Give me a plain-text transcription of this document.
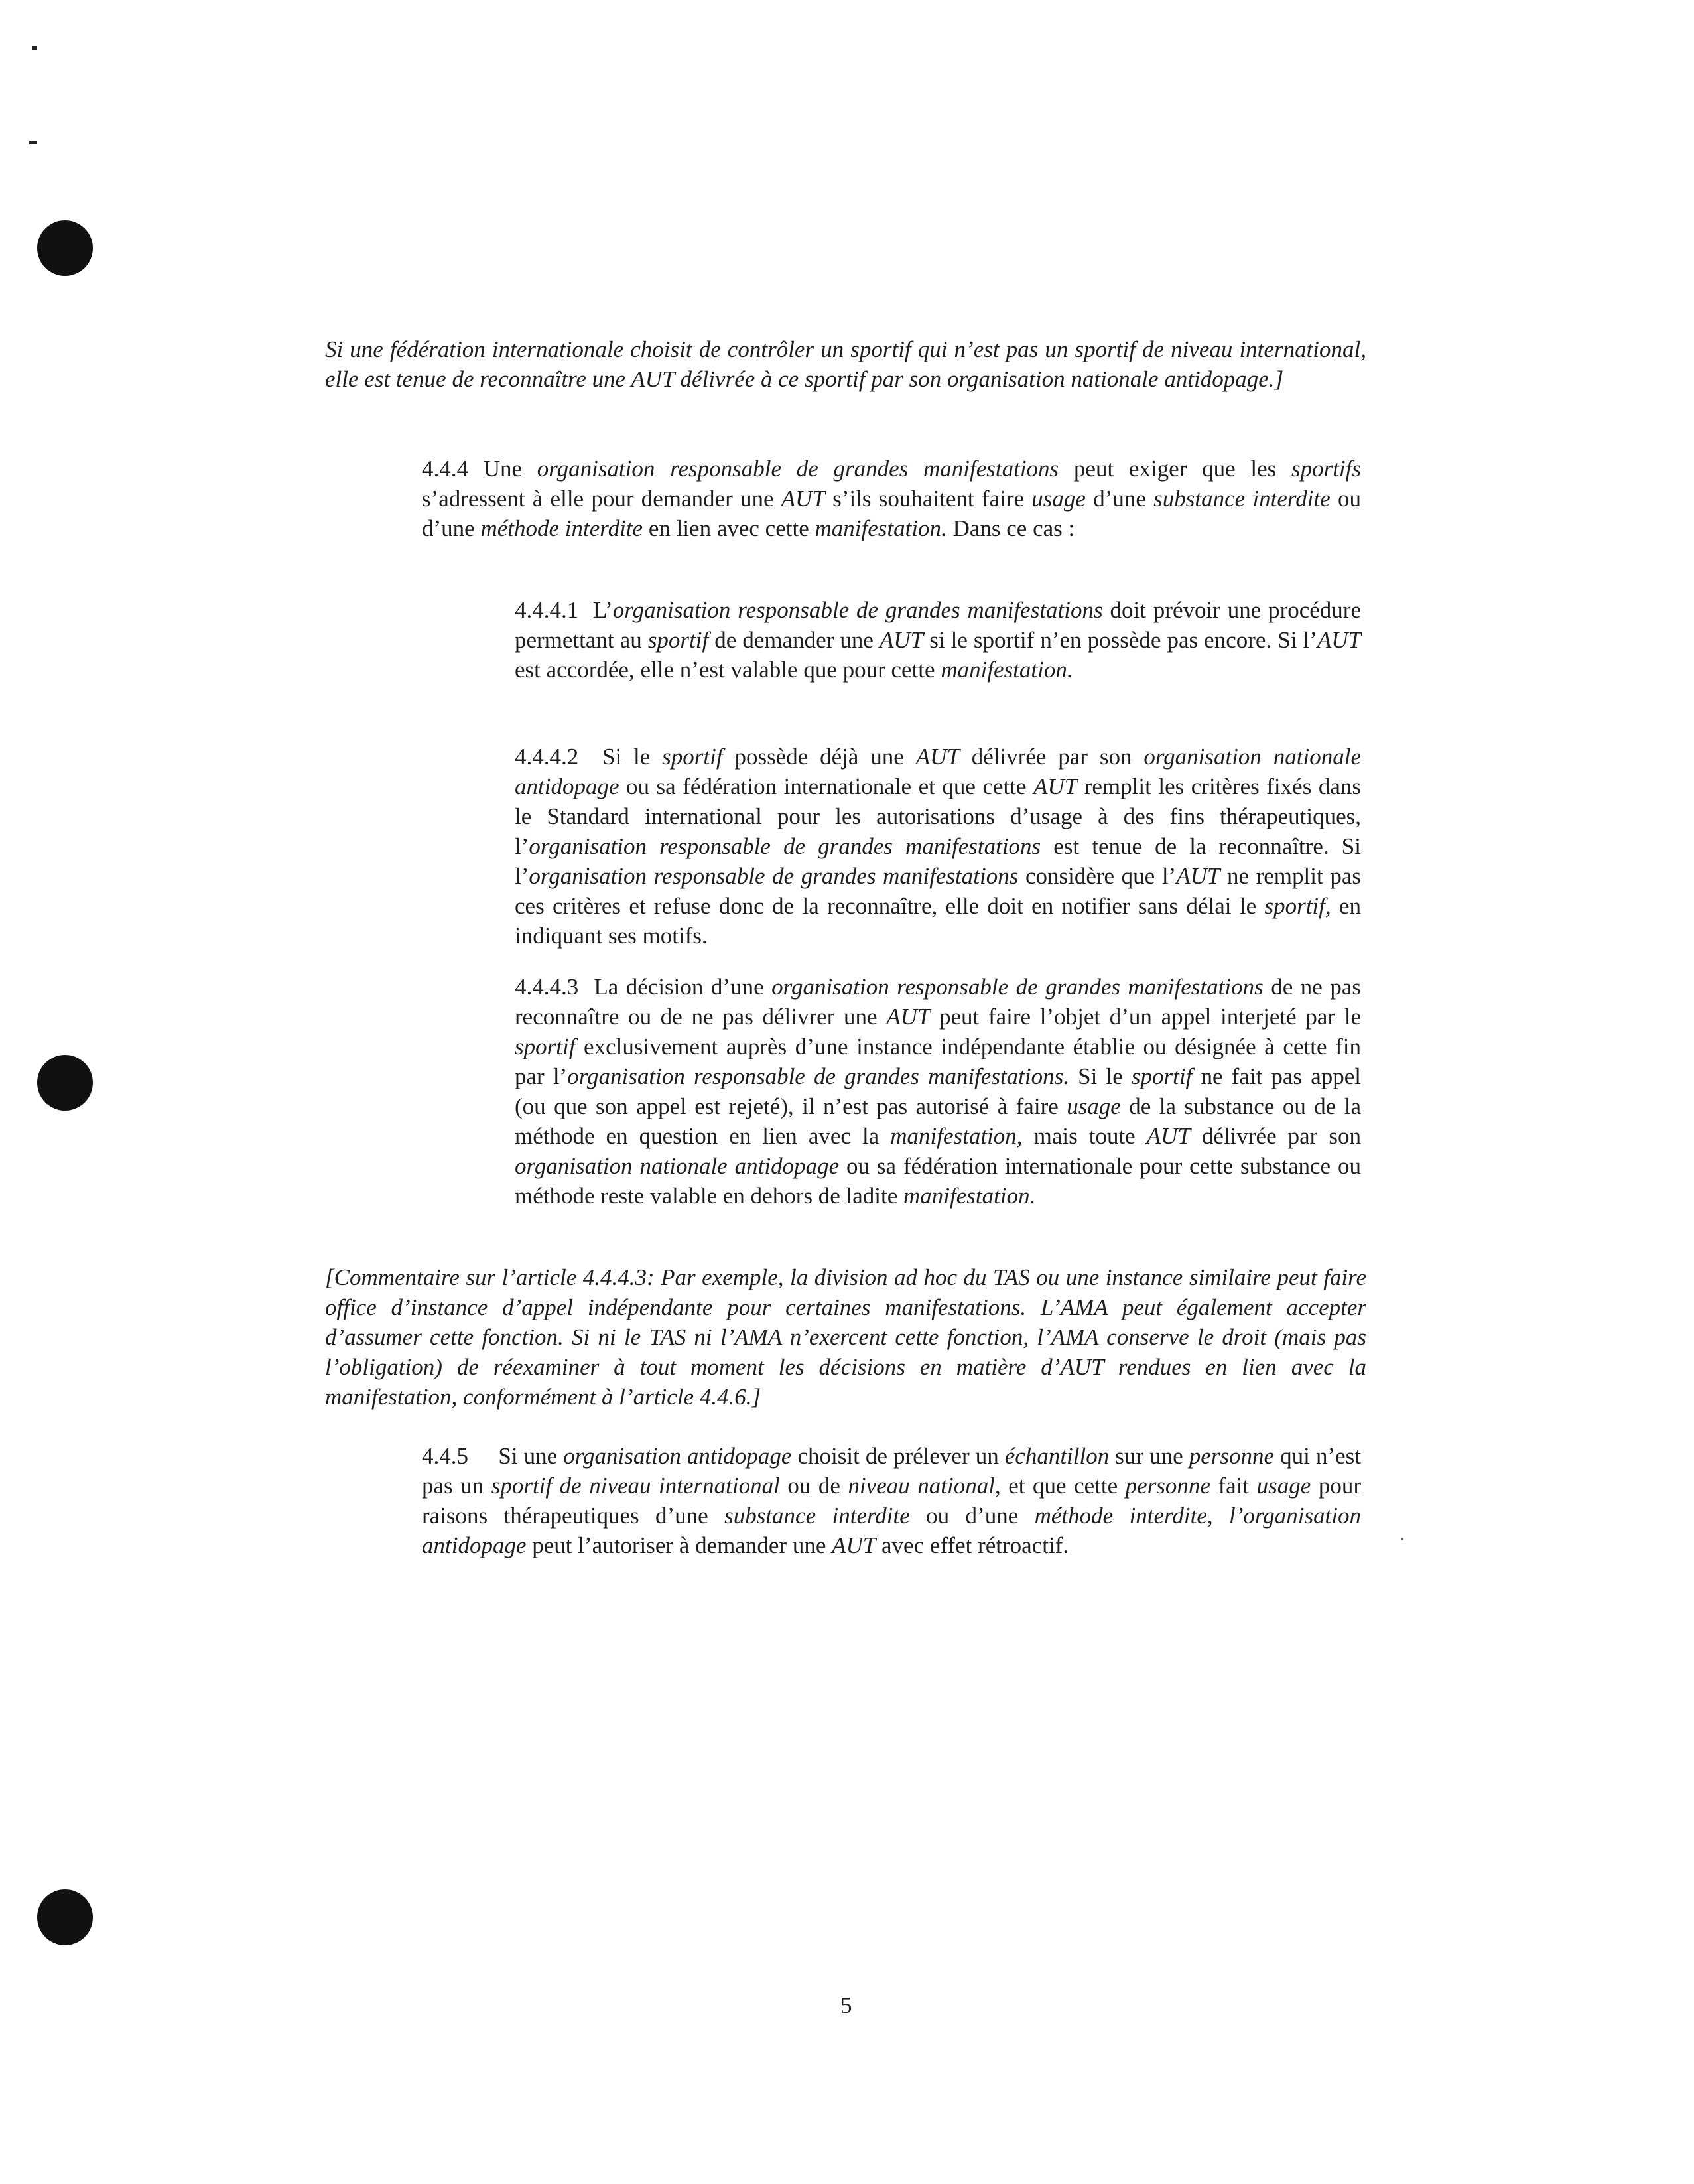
Si une fédération internationale choisit de contrôler un sportif qui n’est pas un sportif de niveau international, elle est tenue de reconnaître une AUT délivrée à ce sportif par son organisation nationale antidopage.]

4.4.4 Une organisation responsable de grandes manifestations peut exiger que les sportifs s’adressent à elle pour demander une AUT s’ils souhaitent faire usage d’une substance interdite ou d’une méthode interdite en lien avec cette manifestation. Dans ce cas :

4.4.4.1 L’organisation responsable de grandes manifestations doit prévoir une procédure permettant au sportif de demander une AUT si le sportif n’en possède pas encore. Si l’AUT est accordée, elle n’est valable que pour cette manifestation.

4.4.4.2 Si le sportif possède déjà une AUT délivrée par son organisation nationale antidopage ou sa fédération internationale et que cette AUT remplit les critères fixés dans le Standard international pour les autorisations d’usage à des fins thérapeutiques, l’organisation responsable de grandes manifestations est tenue de la reconnaître. Si l’organisation responsable de grandes manifestations considère que l’AUT ne remplit pas ces critères et refuse donc de la reconnaître, elle doit en notifier sans délai le sportif, en indiquant ses motifs.

4.4.4.3 La décision d’une organisation responsable de grandes manifestations de ne pas reconnaître ou de ne pas délivrer une AUT peut faire l’objet d’un appel interjeté par le sportif exclusivement auprès d’une instance indépendante établie ou désignée à cette fin par l’organisation responsable de grandes manifestations. Si le sportif ne fait pas appel (ou que son appel est rejeté), il n’est pas autorisé à faire usage de la substance ou de la méthode en question en lien avec la manifestation, mais toute AUT délivrée par son organisation nationale antidopage ou sa fédération internationale pour cette substance ou méthode reste valable en dehors de ladite manifestation.

[Commentaire sur l’article 4.4.4.3: Par exemple, la division ad hoc du TAS ou une instance similaire peut faire office d’instance d’appel indépendante pour certaines manifestations. L’AMA peut également accepter d’assumer cette fonction. Si ni le TAS ni l’AMA n’exercent cette fonction, l’AMA conserve le droit (mais pas l’obligation) de réexaminer à tout moment les décisions en matière d’AUT rendues en lien avec la manifestation, conformément à l’article 4.4.6.]

4.4.5 Si une organisation antidopage choisit de prélever un échantillon sur une personne qui n’est pas un sportif de niveau international ou de niveau national, et que cette personne fait usage pour raisons thérapeutiques d’une substance interdite ou d’une méthode interdite, l’organisation antidopage peut l’autoriser à demander une AUT avec effet rétroactif.

5
